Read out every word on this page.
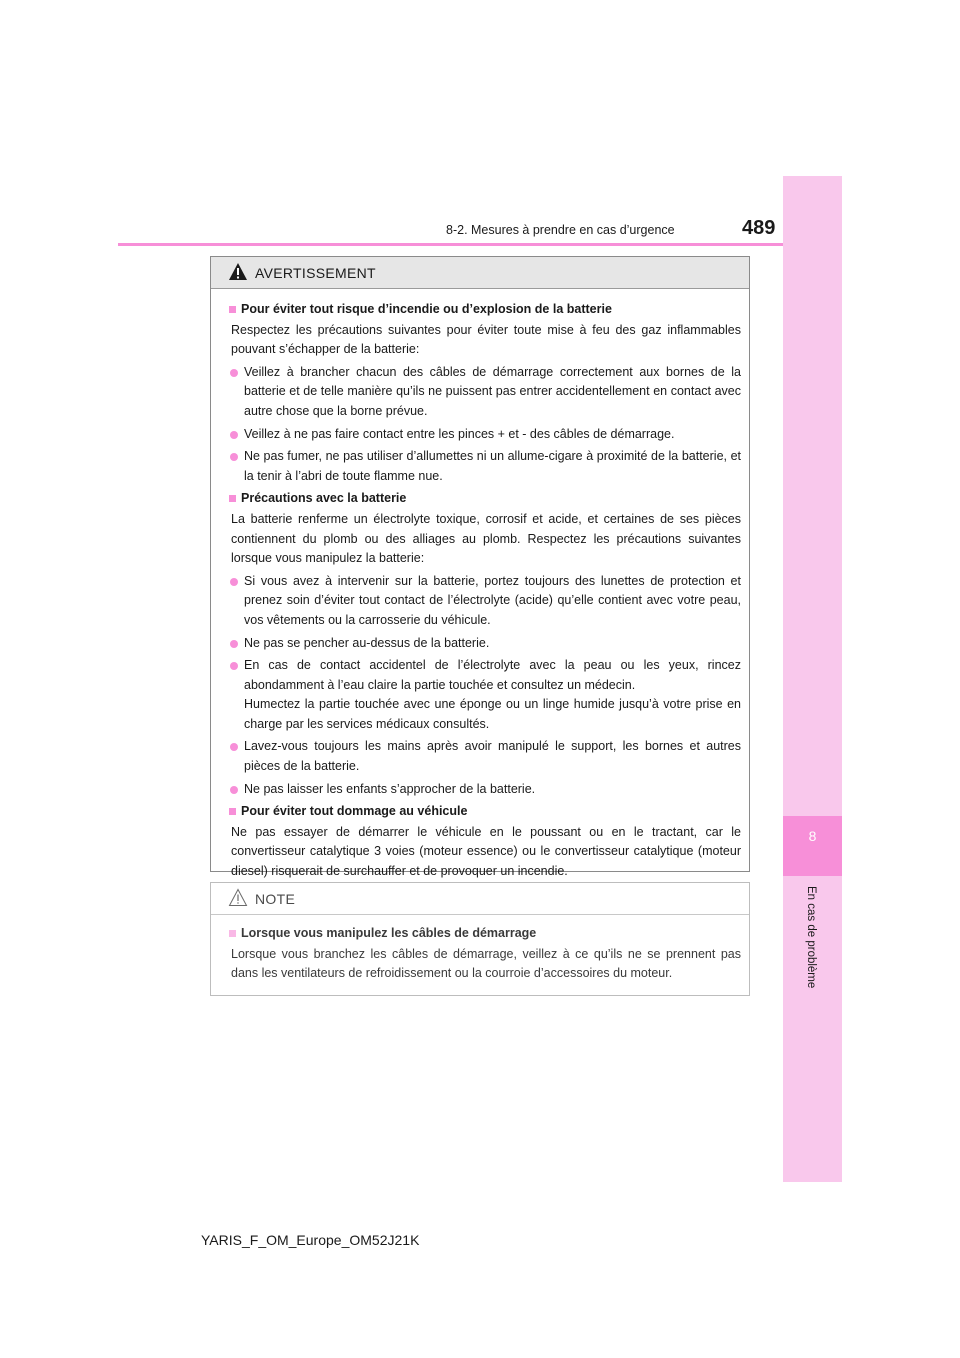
8-2. Mesures à prendre en cas d’urgence	489
8
En cas de problème
AVERTISSEMENT
Pour éviter tout risque d’incendie ou d’explosion de la batterie
Respectez les précautions suivantes pour éviter toute mise à feu des gaz inflammables pouvant s’échapper de la batterie:
Veillez à brancher chacun des câbles de démarrage correctement aux bornes de la batterie et de telle manière qu’ils ne puissent pas entrer accidentellement en contact avec autre chose que la borne prévue.
Veillez à ne pas faire contact entre les pinces + et - des câbles de démarrage.
Ne pas fumer, ne pas utiliser d’allumettes ni un allume-cigare à proximité de la batterie, et la tenir à l’abri de toute flamme nue.
Précautions avec la batterie
La batterie renferme un électrolyte toxique, corrosif et acide, et certaines de ses pièces contiennent du plomb ou des alliages au plomb. Respectez les précautions suivantes lorsque vous manipulez la batterie:
Si vous avez à intervenir sur la batterie, portez toujours des lunettes de protection et prenez soin d’éviter tout contact de l’électrolyte (acide) qu’elle contient avec votre peau, vos vêtements ou la carrosserie du véhicule.
Ne pas se pencher au-dessus de la batterie.
En cas de contact accidentel de l’électrolyte avec la peau ou les yeux, rincez abondamment à l’eau claire la partie touchée et consultez un médecin.
Humectez la partie touchée avec une éponge ou un linge humide jusqu’à votre prise en charge par les services médicaux consultés.
Lavez-vous toujours les mains après avoir manipulé le support, les bornes et autres pièces de la batterie.
Ne pas laisser les enfants s’approcher de la batterie.
Pour éviter tout dommage au véhicule
Ne pas essayer de démarrer le véhicule en le poussant ou en le tractant, car le convertisseur catalytique 3 voies (moteur essence) ou le convertisseur catalytique (moteur diesel) risquerait de surchauffer et de provoquer un incendie.
NOTE
Lorsque vous manipulez les câbles de démarrage
Lorsque vous branchez les câbles de démarrage, veillez à ce qu’ils ne se prennent pas dans les ventilateurs de refroidissement ou la courroie d’accessoires du moteur.
YARIS_F_OM_Europe_OM52J21K
